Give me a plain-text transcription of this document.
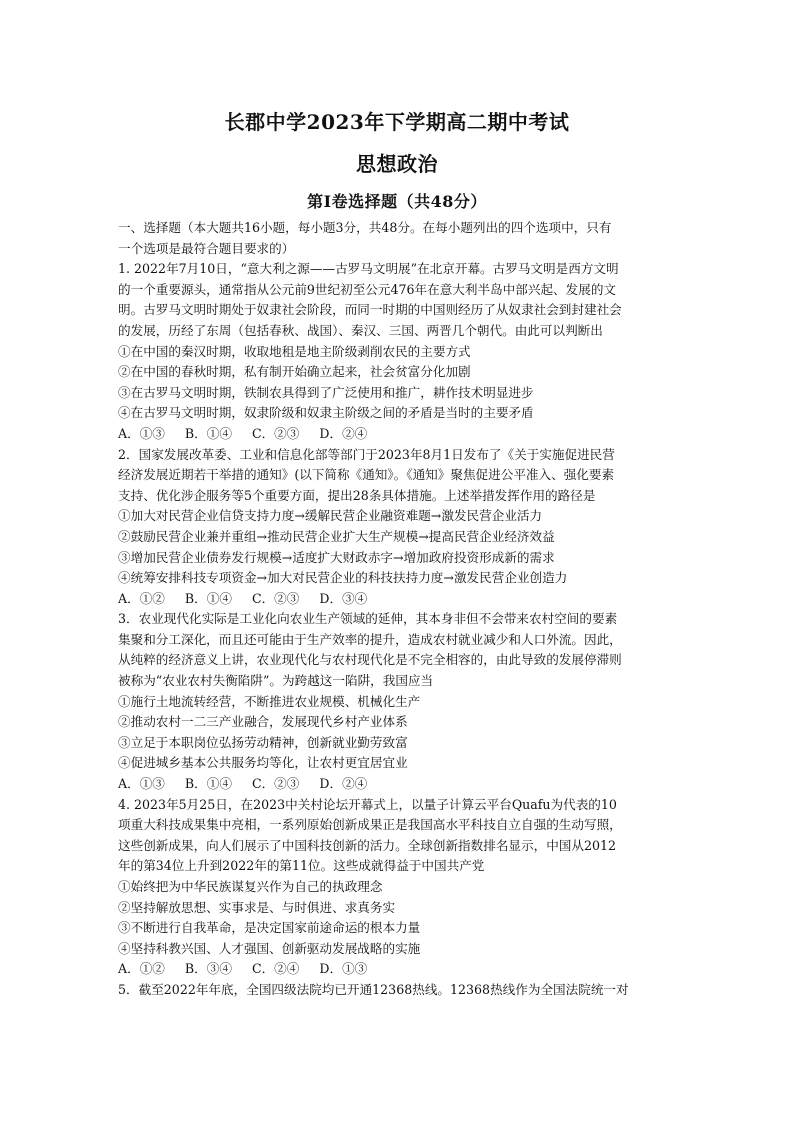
长郡中学2023年下学期高二期中考试
思想政治
第Ⅰ卷选择题（共48分）
一、选择题（本大题共16小题，每小题3分，共48分。在每小题列出的四个选项中，只有
一个选项是最符合题目要求的）
1. 2022年7月10日，“意大利之源——古罗马文明展”在北京开幕。古罗马文明是西方文明
的一个重要源头，通常指从公元前9世纪初至公元476年在意大利半岛中部兴起、发展的文
明。古罗马文明时期处于奴隶社会阶段，而同一时期的中国则经历了从奴隶社会到封建社会
的发展，历经了东周（包括春秋、战国）、秦汉、三国、两晋几个朝代。由此可以判断出
①在中国的秦汉时期，收取地租是地主阶级剥削农民的主要方式
②在中国的春秋时期，私有制开始确立起来，社会贫富分化加剧
③在古罗马文明时期，铁制农具得到了广泛使用和推广，耕作技术明显进步
④在古罗马文明时期，奴隶阶级和奴隶主阶级之间的矛盾是当时的主要矛盾
A．①③     B．①④     C．②③     D．②④
2．国家发展改革委、工业和信息化部等部门于2023年8月1日发布了《关于实施促进民营
经济发展近期若干举措的通知》(以下简称《通知》。《通知》聚焦促进公平准入、强化要素
支持、优化涉企服务等5个重要方面，提出28条具体措施。上述举措发挥作用的路径是
①加大对民营企业信贷支持力度→缓解民营企业融资难题→激发民营企业活力
②鼓励民营企业兼并重组→推动民营企业扩大生产规模→提高民营企业经济效益
③增加民营企业债券发行规模→适度扩大财政赤字→增加政府投资形成新的需求
④统筹安排科技专项资金→加大对民营企业的科技扶持力度→激发民营企业创造力
A．①②     B．①④     C．②③     D．③④
3．农业现代化实际是工业化向农业生产领域的延伸，其本身非但不会带来农村空间的要素
集聚和分工深化，而且还可能由于生产效率的提升，造成农村就业减少和人口外流。因此，
从纯粹的经济意义上讲，农业现代化与农村现代化是不完全相容的，由此导致的发展停滞则
被称为“农业农村失衡陷阱”。为跨越这一陷阱，我国应当
①施行土地流转经营，不断推进农业规模、机械化生产
②推动农村一二三产业融合，发展现代乡村产业体系
③立足于本职岗位弘扬劳动精神，创新就业勤劳致富
④促进城乡基本公共服务均等化，让农村更宜居宜业
A．①③     B．①④     C．②③     D．②④
4. 2023年5月25日，在2023中关村论坛开幕式上，以量子计算云平台Quafu为代表的10
项重大科技成果集中亮相，一系列原始创新成果正是我国高水平科技自立自强的生动写照，
这些创新成果，向人们展示了中国科技创新的活力。全球创新指数排名显示，中国从2012
年的第34位上升到2022年的第11位。这些成就得益于中国共产党
①始终把为中华民族谋复兴作为自己的执政理念
②坚持解放思想、实事求是、与时俱进、求真务实
③不断进行自我革命，是决定国家前途命运的根本力量
④坚持科教兴国、人才强国、创新驱动发展战略的实施
A．①②     B．③④     C．②④     D．①③
5．截至2022年年底，全国四级法院均已开通12368热线。12368热线作为全国法院统一对
